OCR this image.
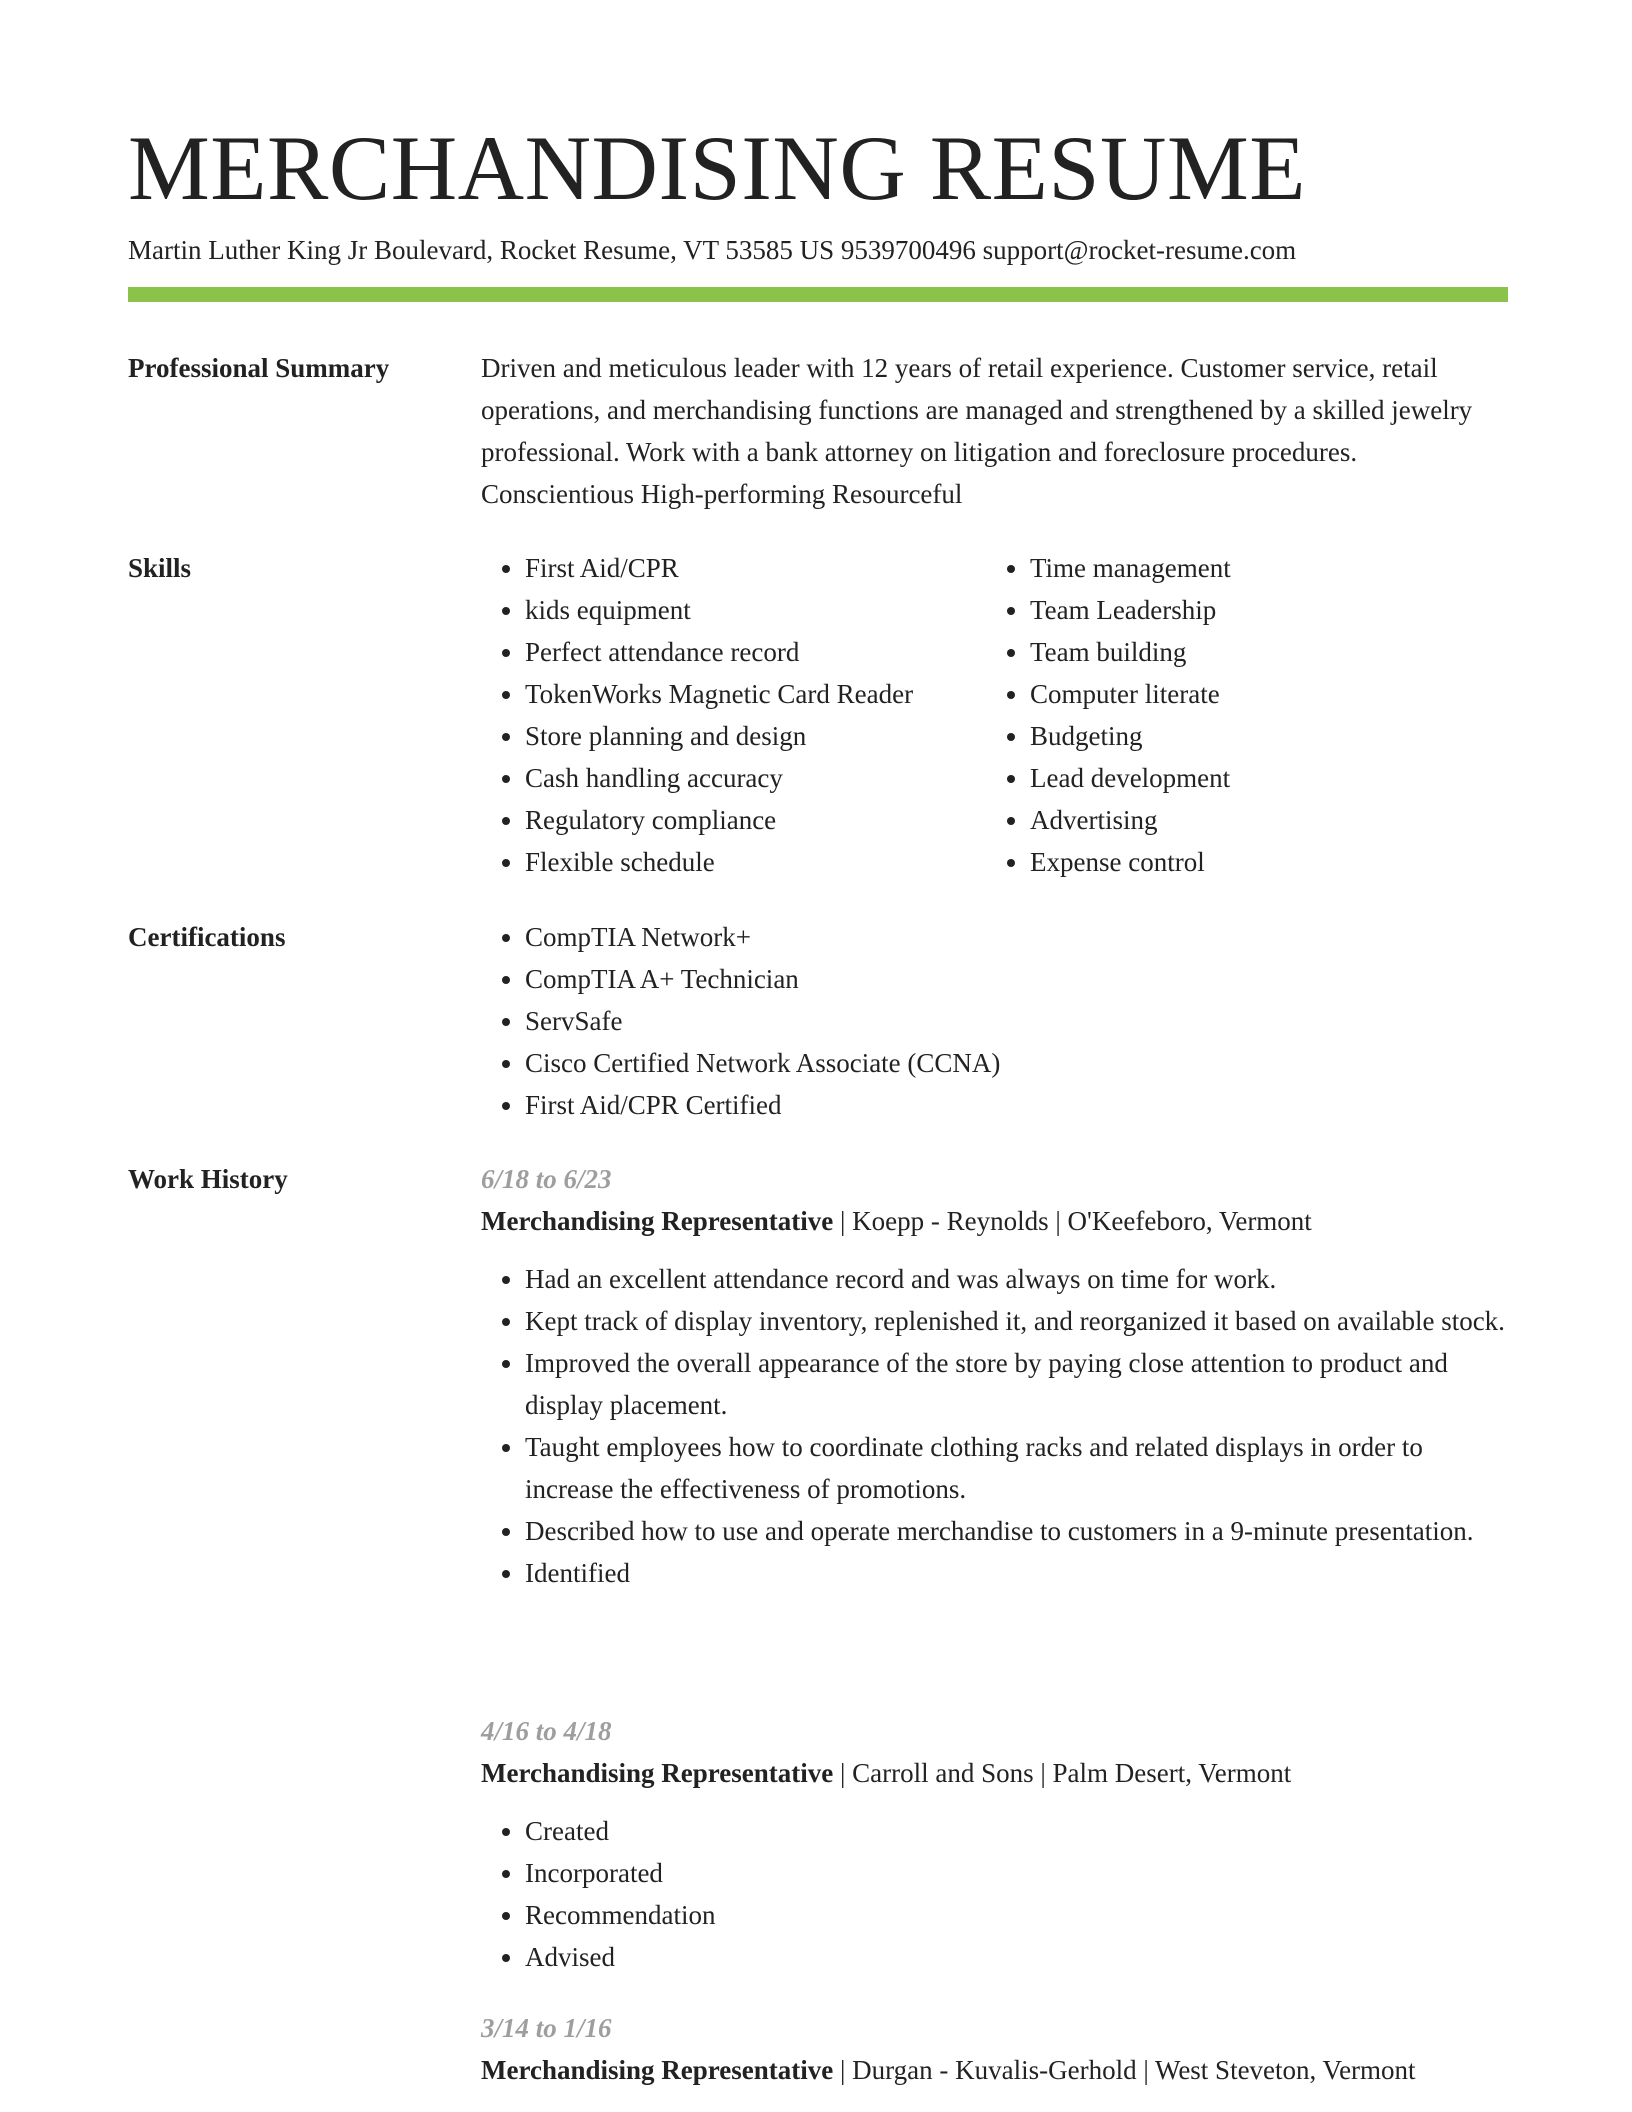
MERCHANDISING RESUME
Martin Luther King Jr Boulevard, Rocket Resume, VT 53585 US 9539700496 support@rocket-resume.com
Professional Summary	Driven and meticulous leader with 12 years of retail experience. Customer service, retail operations, and merchandising functions are managed and strengthened by a skilled jewelry professional. Work with a bank attorney on litigation and foreclosure procedures. Conscientious High-performing Resourceful

Skills	• First Aid/CPR
• kids equipment
• Perfect attendance record
• TokenWorks Magnetic Card Reader
• Store planning and design
• Cash handling accuracy
• Regulatory compliance
• Flexible schedule
• Time management
• Team Leadership
• Team building
• Computer literate
• Budgeting
• Lead development
• Advertising
• Expense control
Certifications	• CompTIA Network+
• CompTIA A+ Technician
• ServSafe
• Cisco Certified Network Associate (CCNA)
• First Aid/CPR Certified
Work History	6/18 to 6/23
Merchandising Representative | Koepp - Reynolds | O'Keefeboro, Vermont
• Had an excellent attendance record and was always on time for work.
• Kept track of display inventory, replenished it, and reorganized it based on available stock.
• Improved the overall appearance of the store by paying close attention to product and display placement.
• Taught employees how to coordinate clothing racks and related displays in order to increase the effectiveness of promotions.
• Described how to use and operate merchandise to customers in a 9-minute presentation.
• Identified
4/16 to 4/18
Merchandising Representative | Carroll and Sons | Palm Desert, Vermont
• Created
• Incorporated
• Recommendation
• Advised
3/14 to 1/16
Merchandising Representative | Durgan - Kuvalis-Gerhold | West Steveton, Vermont
